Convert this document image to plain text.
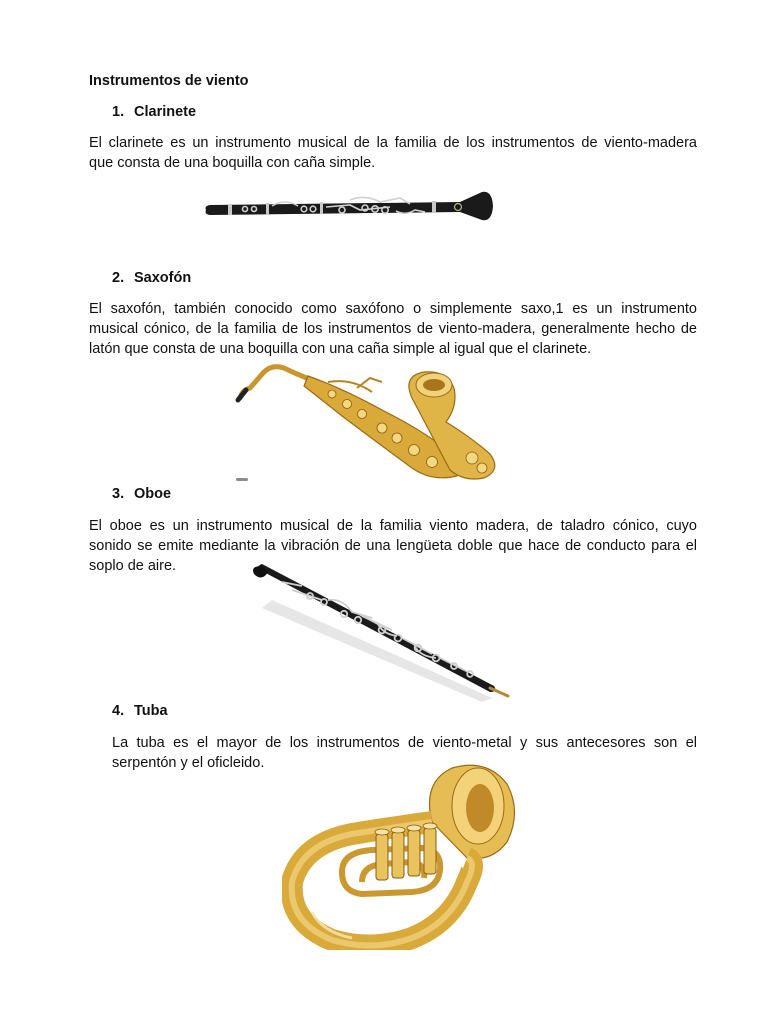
Instrumentos de viento
1. Clarinete
El clarinete es un instrumento musical de la familia de los instrumentos de viento-madera
que consta de una boquilla con caña simple.
2. Saxofón
El saxofón, también conocido como saxófono o simplemente saxo,1 es un instrumento
musical cónico, de la familia de los instrumentos de viento-madera, generalmente hecho de
latón que consta de una boquilla con una caña simple al igual que el clarinete.
3. Oboe
El oboe es un instrumento musical de la familia viento madera, de taladro cónico, cuyo
sonido se emite mediante la vibración de una lengüeta doble que hace de conducto para el
soplo de aire.
4. Tuba
La tuba es el mayor de los instrumentos de viento-metal y sus antecesores son el
serpentón y el oficleido.
